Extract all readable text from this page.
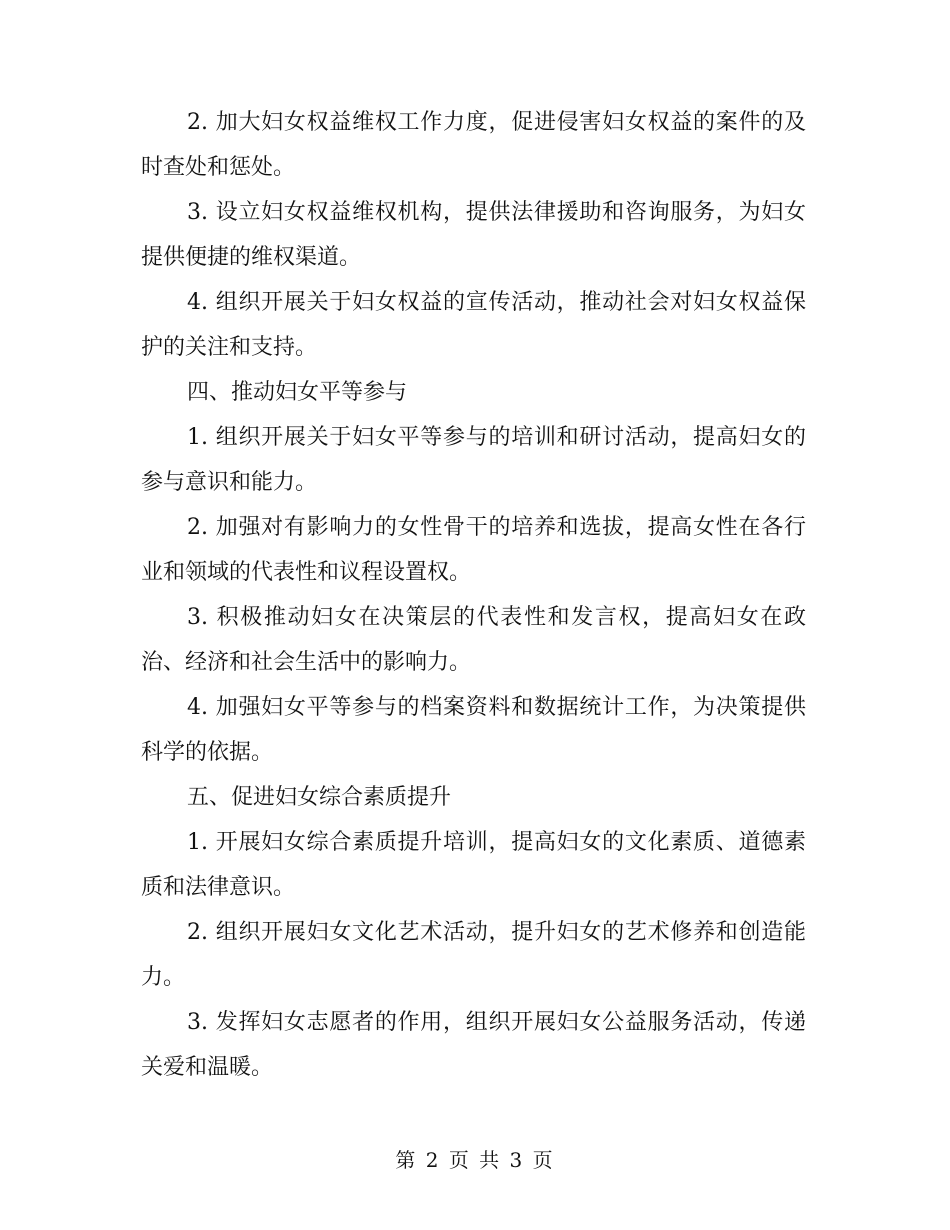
2. 加大妇女权益维权工作力度，促进侵害妇女权益的案件的及时查处和惩处。

3. 设立妇女权益维权机构，提供法律援助和咨询服务，为妇女提供便捷的维权渠道。

4. 组织开展关于妇女权益的宣传活动，推动社会对妇女权益保护的关注和支持。

四、推动妇女平等参与

1. 组织开展关于妇女平等参与的培训和研讨活动，提高妇女的参与意识和能力。

2. 加强对有影响力的女性骨干的培养和选拔，提高女性在各行业和领域的代表性和议程设置权。

3. 积极推动妇女在决策层的代表性和发言权，提高妇女在政治、经济和社会生活中的影响力。

4. 加强妇女平等参与的档案资料和数据统计工作，为决策提供科学的依据。

五、促进妇女综合素质提升

1. 开展妇女综合素质提升培训，提高妇女的文化素质、道德素质和法律意识。

2. 组织开展妇女文化艺术活动，提升妇女的艺术修养和创造能力。

3. 发挥妇女志愿者的作用，组织开展妇女公益服务活动，传递关爱和温暖。

第 2 页 共 3 页
